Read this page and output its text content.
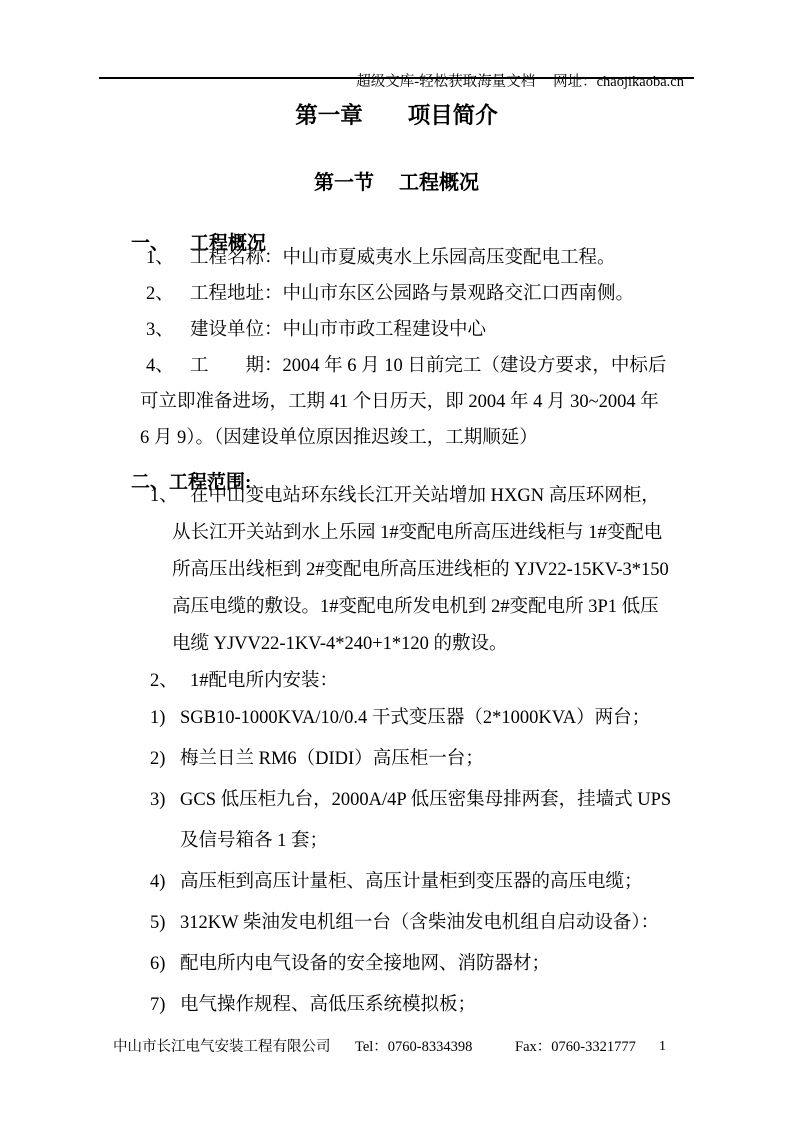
超级文库-轻松获取海量文档 网址：chaojikaoba.cn

第一章　　项目简介
第一节　 工程概况

一、 工程概况

1、 工程名称：中山市夏威夷水上乐园高压变配电工程。
2、 工程地址：中山市东区公园路与景观路交汇口西南侧。
3、 建设单位：中山市市政工程建设中心
4、 工　　期：2004 年 6 月 10 日前完工（建设方要求，中标后
可立即准备进场，工期 41 个日历天，即 2004 年 4 月 30~2004 年
6 月 9）。（因建设单位原因推迟竣工，工期顺延）

二、工程范围:

1、 在中山变电站环东线长江开关站增加 HXGN 高压环网柜，
从长江开关站到水上乐园 1#变配电所高压进线柜与 1#变配电
所高压出线柜到 2#变配电所高压进线柜的 YJV22-15KV-3*150
高压电缆的敷设。1#变配电所发电机到 2#变配电所 3P1 低压
电缆 YJVV22-1KV-4*240+1*120 的敷设。
2、 1#配电所内安装：
1) SGB10-1000KVA/10/0.4 干式变压器（2*1000KVA）两台；
2) 梅兰日兰 RM6（DIDI）高压柜一台；
3) GCS 低压柜九台，2000A/4P 低压密集母排两套，挂墙式 UPS
及信号箱各 1 套；
4) 高压柜到高压计量柜、高压计量柜到变压器的高压电缆；
5) 312KW 柴油发电机组一台（含柴油发电机组自启动设备）：
6) 配电所内电气设备的安全接地网、消防器材；
7) 电气操作规程、高低压系统模拟板；

中山市长江电气安装工程有限公司

Tel：0760-8334398

	Fax：0760-3321777

1
